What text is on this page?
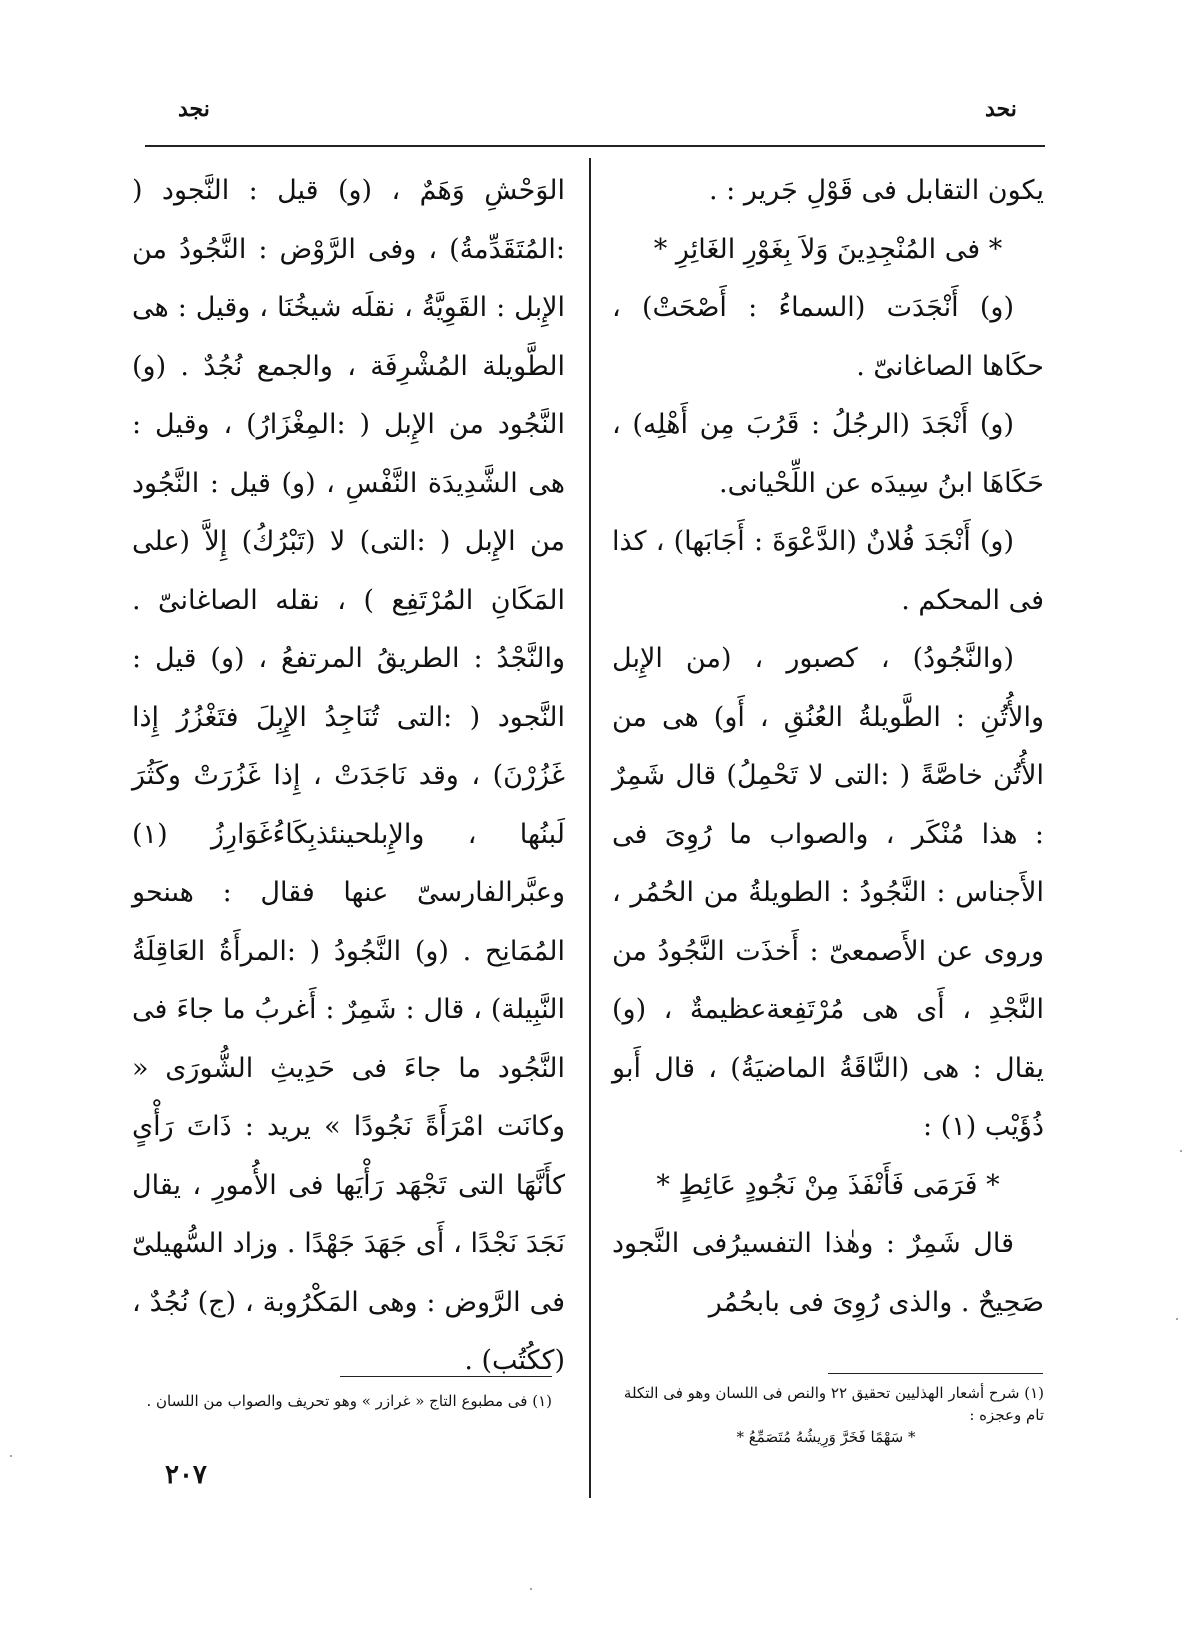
نجد	نحد

يكون التقابل فى قَوْلِ جَرير : .

* فى المُنْجِدِينَ وَلاَ بِغَوْرِ الغَائِرِ *

(و) أَنْجَدَت (السماءُ : أَصْحَتْ) ، حكَاها الصاغانىّ .

(و) أَنْجَدَ (الرجُلُ : قَرُبَ مِن أَهْلِه) ، حَكَاهَا ابنُ سِيدَه عن اللِّحْيانى.

(و) أَنْجَدَ فُلانٌ (الدَّعْوَةَ : أَجَابَها) ، كذا فى المحكم .

(والنَّجُودُ) ، كصبور ، (من الإِبل والأُتُنِ : الطَّويلةُ العُنُقِ ، أَو) هى من الأُتُن خاصَّةً ( :التى لا تَحْمِلُ) قال شَمِرٌ : هذا مُنْكَر ، والصواب ما رُوِىَ فى الأَجناس : النَّجُودُ : الطويلةُ من الحُمُر ، وروى عن الأَصمعىّ : أَخذَت النَّجُودُ من النَّجْدِ ، أَى هى مُرْتَفِعةعظيمةٌ ، (و) يقال : هى (النَّاقَةُ الماضيَةُ) ، قال أَبو ذُؤَيْب (١) :

* فَرَمَى فَأَنْفَذَ مِنْ نَجُودٍ عَائِطٍ *

قال شَمِرٌ : وهٰذا التفسيرُفى النَّجود صَحِيحٌ . والذى رُوِىَ فى بابحُمُر

الوَحْشِ وَهَمٌ ، (و) قيل : النَّجود ( :المُتَقَدِّمةُ) ، وفى الرَّوْض : النَّجُودُ من الإِبل : القَوِيَّةُ ، نقلَه شيخُنَا ، وقيل : هى الطَّويلة المُشْرِفَة ، والجمع نُجُدٌ . (و) النَّجُود من الإِبل ( :المِغْزَارُ) ، وقيل : هى الشَّدِيدَة النَّفْسِ ، (و) قيل : النَّجُود من الإِبل ( :التى) لا (تَبْرُكُ) إِلاَّ (على المَكَانِ المُرْتَفِع ) ، نقله الصاغانىّ . والنَّجْدُ : الطريقُ المرتفعُ ، (و) قيل : النَّجود ( :التى تُنَاجِدُ الإِبِلَ فتَغْزُرُ إِذا غَزُرْنَ) ، وقد نَاجَدَتْ ، إِذا غَزُرَتْ وكَثُرَ لَبنُها ، والإِبلحينئذبِكَاءُغَوَارِزُ (١) وعبَّرالفارسىّ عنها فقال : هىنحو المُمَانِح . (و) النَّجُودُ ( :المرأَةُ العَاقِلَةُ النَّبِيلة) ، قال : شَمِرٌ : أَغربُ ما جاءَ فى النَّجُود ما جاءَ فى حَدِيثِ الشُّورَى « وكانَت امْرَأَةً نَجُودًا » يريد : ذَاتَ رَأْىٍ كأَنَّهَا التى تَجْهَد رَأْيَها فى الأُمورِ ، يقال نَجَدَ نَجْدًا ، أَى جَهَدَ جَهْدًا . وزاد السُّهيلىّ فى الرَّوض : وهى المَكْرُوبة ، (ج) نُجُدٌ ، (ككُتُب) .

(١) شرح أشعار الهذليين تحقيق ٢٢ والنص فى اللسان وهو فى التكلة تام وعجزه :
* سَهْمًا فَخَرَّ وَرِيشُهُ مُتَصَمِّعُ *
(١) فى مطبوع التاج « غرازر » وهو تحريف والصواب من اللسان .
٢٠٧
